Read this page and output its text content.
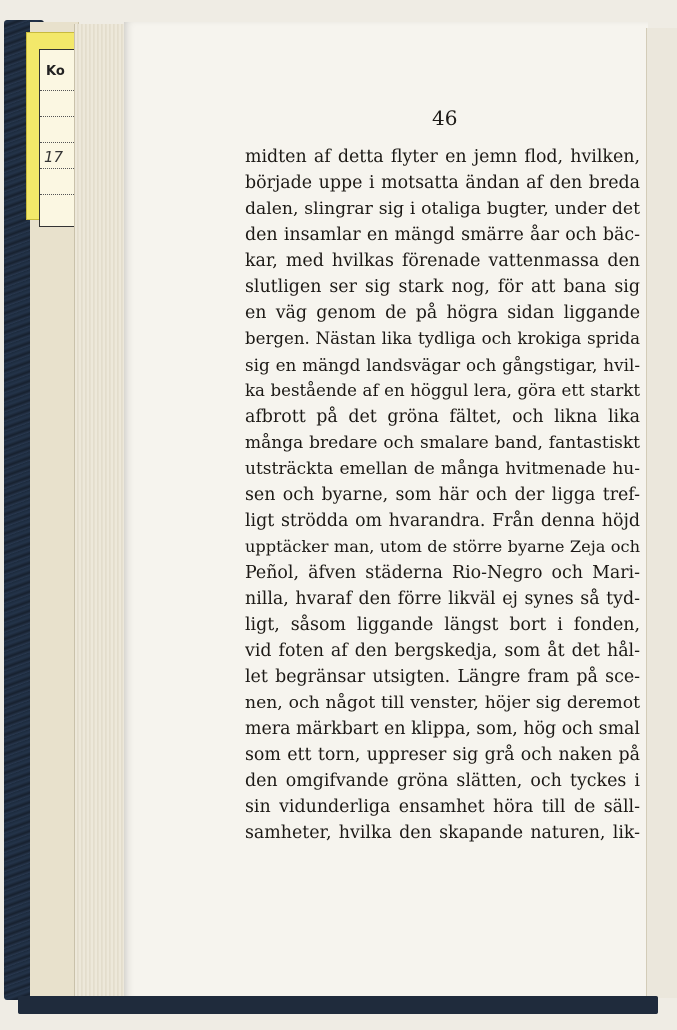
Ko
17
46
midten af detta flyter en jemn flod, hvilken,
började uppe i motsatta ändan af den breda
dalen, slingrar sig i otaliga bugter, under det
den insamlar en mängd smärre åar och bäc-
kar, med hvilkas förenade vattenmassa den
slutligen ser sig stark nog, för att bana sig
en väg genom de på högra sidan liggande
bergen. Nästan lika tydliga och krokiga sprida
sig en mängd landsvägar och gångstigar, hvil-
ka bestående af en höggul lera, göra ett starkt
afbrott på det gröna fältet, och likna lika
många bredare och smalare band, fantastiskt
utsträckta emellan de många hvitmenade hu-
sen och byarne, som här och der ligga tref-
ligt strödda om hvarandra. Från denna höjd
upptäcker man, utom de större byarne Zeja och
Peñol, äfven städerna Rio-Negro och Mari-
nilla, hvaraf den förre likväl ej synes så tyd-
ligt, såsom liggande längst bort i fonden,
vid foten af den bergskedja, som åt det hål-
let begränsar utsigten. Längre fram på sce-
nen, och något till venster, höjer sig deremot
mera märkbart en klippa, som, hög och smal
som ett torn, uppreser sig grå och naken på
den omgifvande gröna slätten, och tyckes i
sin vidunderliga ensamhet höra till de säll-
samheter, hvilka den skapande naturen, lik-
